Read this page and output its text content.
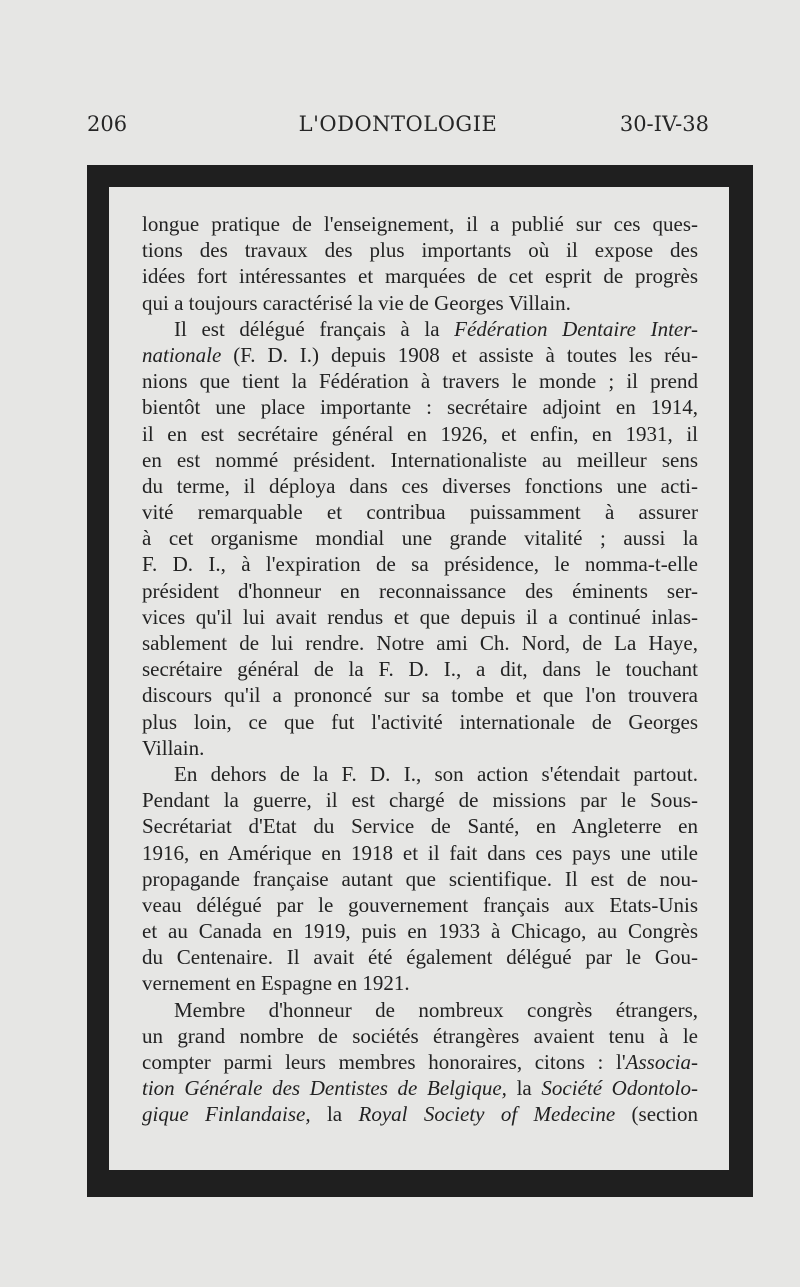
206	L'ODONTOLOGIE	30-IV-38
longue pratique de l'enseignement, il a publié sur ces ques-
tions des travaux des plus importants où il expose des
idées fort intéressantes et marquées de cet esprit de progrès
qui a toujours caractérisé la vie de Georges Villain.
Il est délégué français à la Fédération Dentaire Inter-
nationale (F. D. I.) depuis 1908 et assiste à toutes les réu-
nions que tient la Fédération à travers le monde ; il prend
bientôt une place importante : secrétaire adjoint en 1914,
il en est secrétaire général en 1926, et enfin, en 1931, il
en est nommé président. Internationaliste au meilleur sens
du terme, il déploya dans ces diverses fonctions une acti-
vité remarquable et contribua puissamment à assurer
à cet organisme mondial une grande vitalité ; aussi la
F. D. I., à l'expiration de sa présidence, le nomma-t-elle
président d'honneur en reconnaissance des éminents ser-
vices qu'il lui avait rendus et que depuis il a continué inlas-
sablement de lui rendre. Notre ami Ch. Nord, de La Haye,
secrétaire général de la F. D. I., a dit, dans le touchant
discours qu'il a prononcé sur sa tombe et que l'on trouvera
plus loin, ce que fut l'activité internationale de Georges
Villain.
En dehors de la F. D. I., son action s'étendait partout.
Pendant la guerre, il est chargé de missions par le Sous-
Secrétariat d'Etat du Service de Santé, en Angleterre en
1916, en Amérique en 1918 et il fait dans ces pays une utile
propagande française autant que scientifique. Il est de nou-
veau délégué par le gouvernement français aux Etats-Unis
et au Canada en 1919, puis en 1933 à Chicago, au Congrès
du Centenaire. Il avait été également délégué par le Gou-
vernement en Espagne en 1921.
Membre d'honneur de nombreux congrès étrangers,
un grand nombre de sociétés étrangères avaient tenu à le
compter parmi leurs membres honoraires, citons : l'Associa-
tion Générale des Dentistes de Belgique, la Société Odontolo-
gique Finlandaise, la Royal Society of Medecine (section
